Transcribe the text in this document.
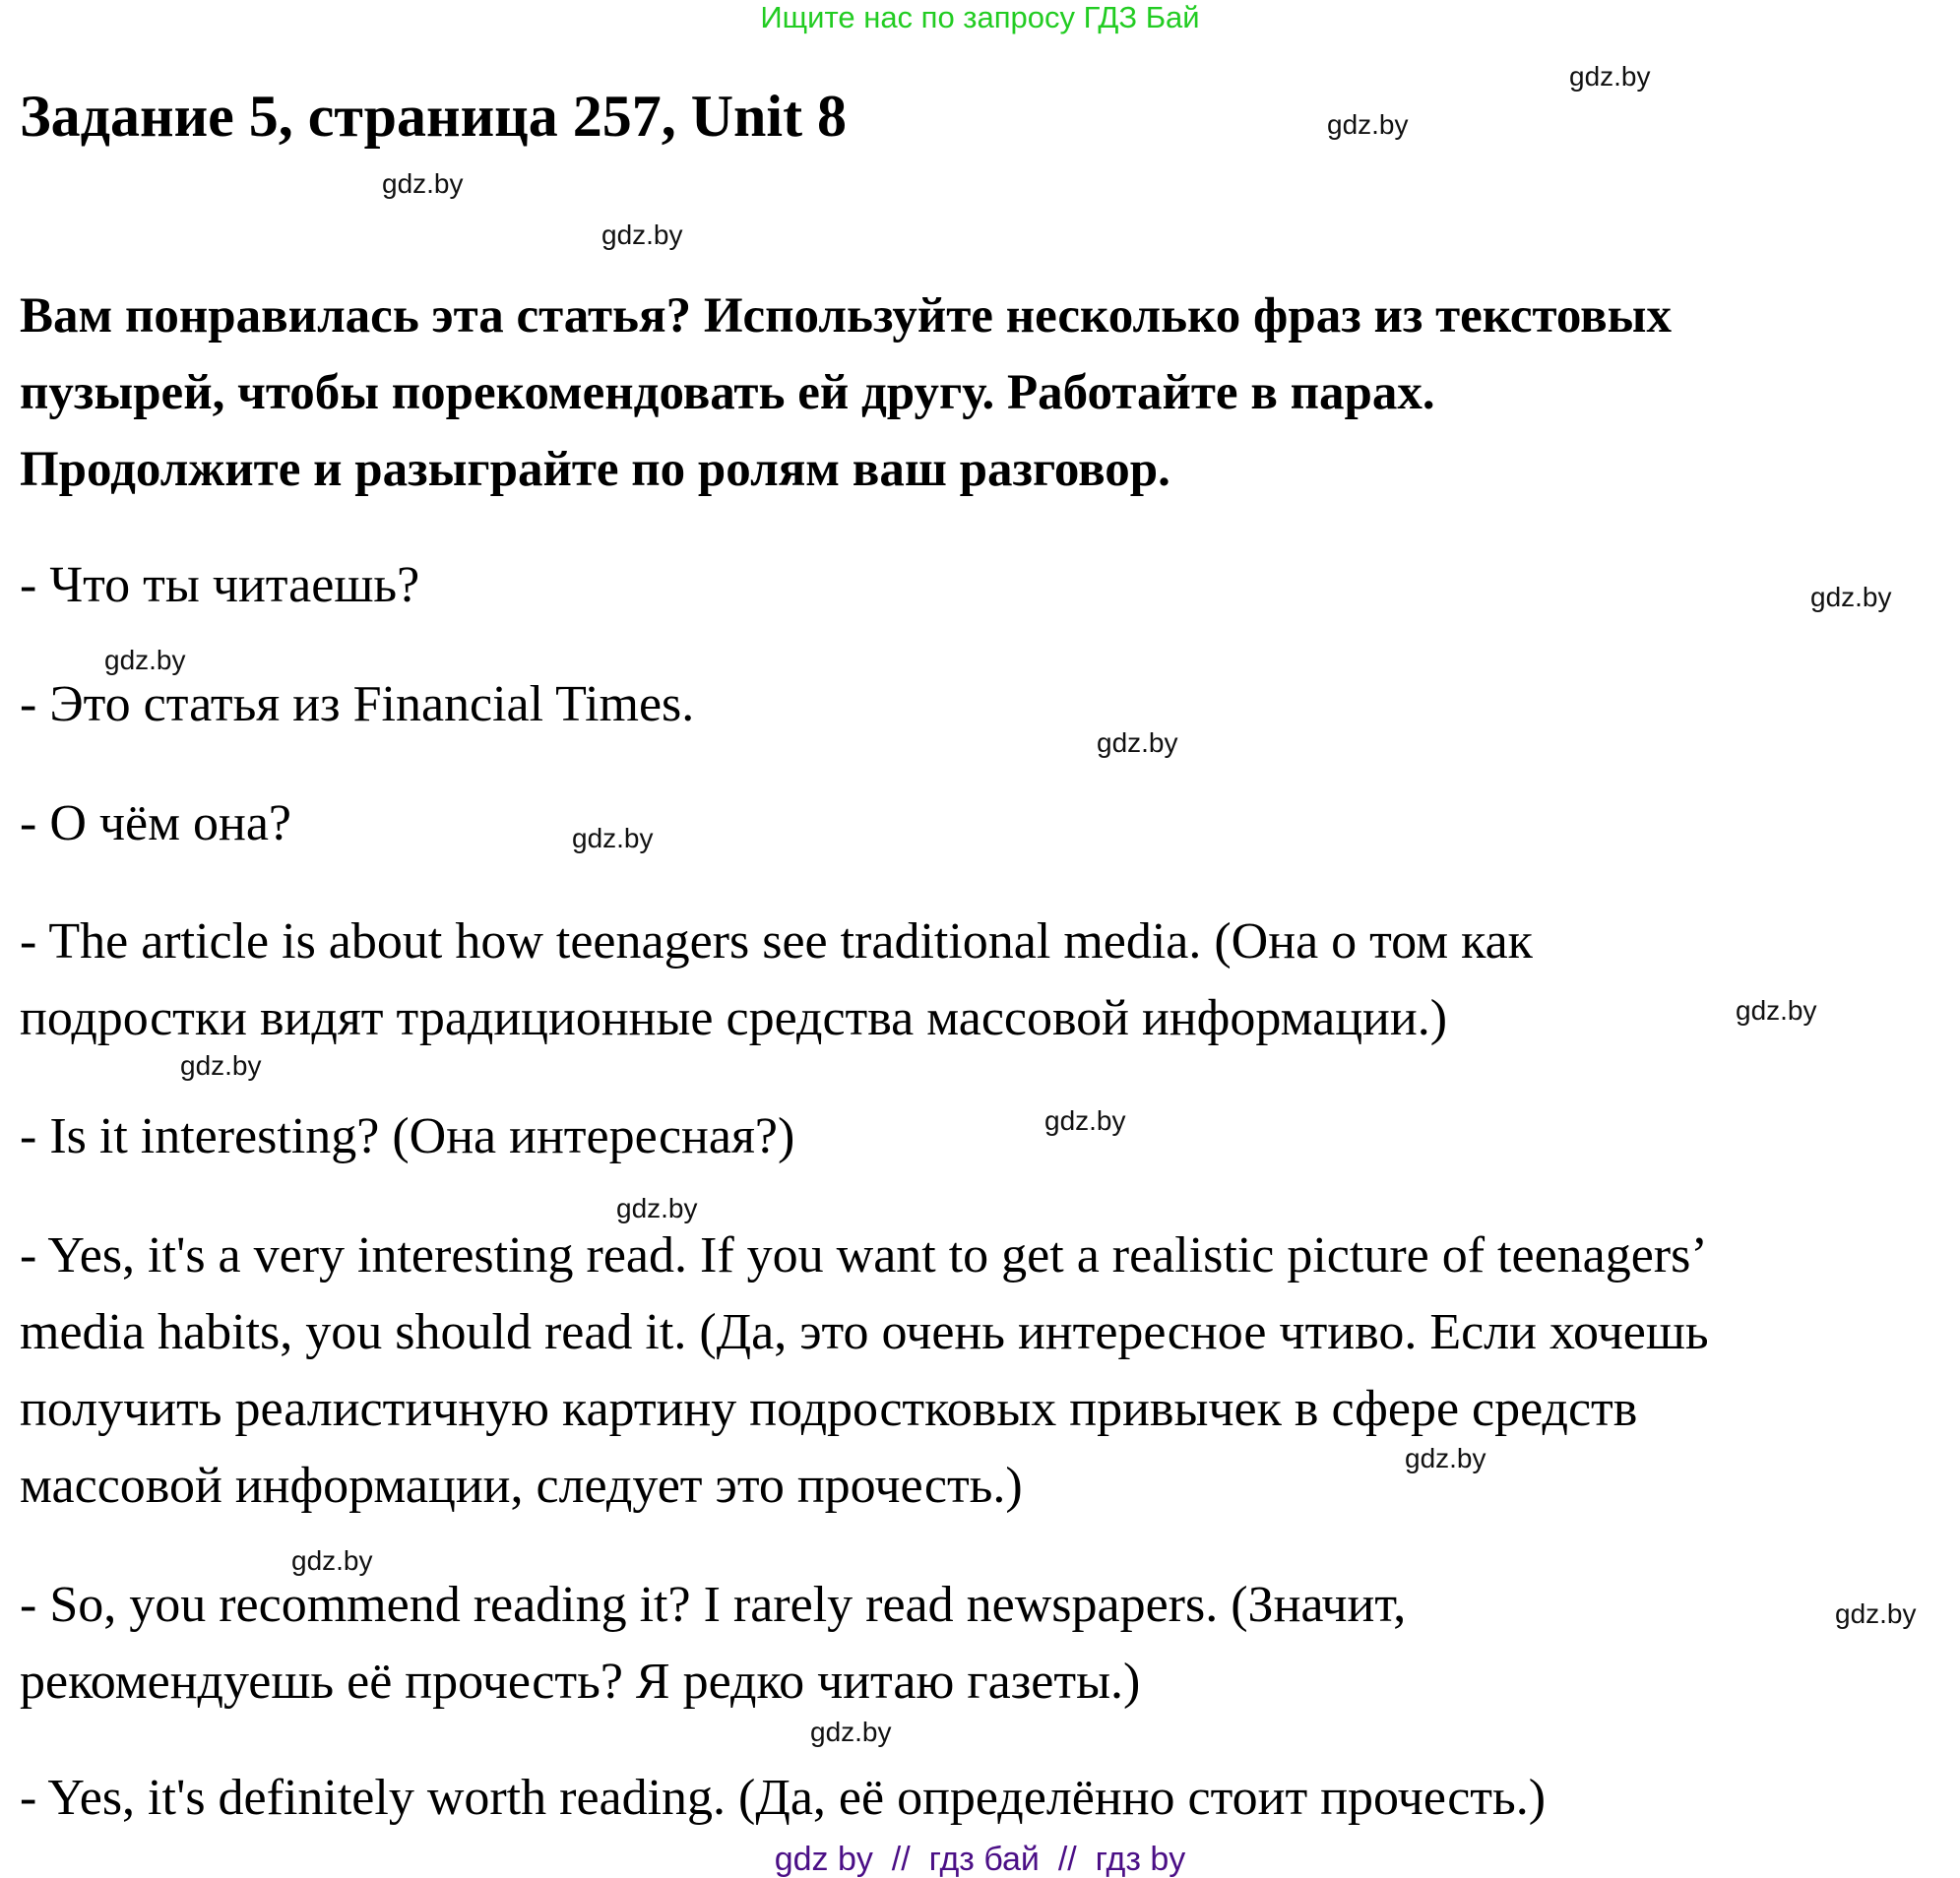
Ищите нас по запросу ГДЗ Бай
Задание 5, страница 257, Unit 8
Вам понравилась эта статья? Используйте несколько фраз из текстовых
пузырей, чтобы порекомендовать ей другу. Работайте в парах.
Продолжите и разыграйте по ролям ваш разговор.
- Что ты читаешь?
- Это статья из Financial Times.
- О чём она?
- The article is about how teenagers see traditional media. (Она о том как
подростки видят традиционные средства массовой информации.)
- Is it interesting? (Она интересная?)
- Yes, it's a very interesting read. If you want to get a realistic picture of teenagers’
media habits, you should read it. (Да, это очень интересное чтиво. Если хочешь
получить реалистичную картину подростковых привычек в сфере средств
массовой информации, следует это прочесть.)
- So, you recommend reading it? I rarely read newspapers. (Значит,
рекомендуешь её прочесть? Я редко читаю газеты.)
- Yes, it's definitely worth reading. (Да, её определённо стоит прочесть.)
gdz.by
gdz.by
gdz.by
gdz.by
gdz.by
gdz.by
gdz.by
gdz.by
gdz.by
gdz.by
gdz.by
gdz.by
gdz.by
gdz.by
gdz.by
gdz.by
gdz by  //  гдз бай  //  гдз by
